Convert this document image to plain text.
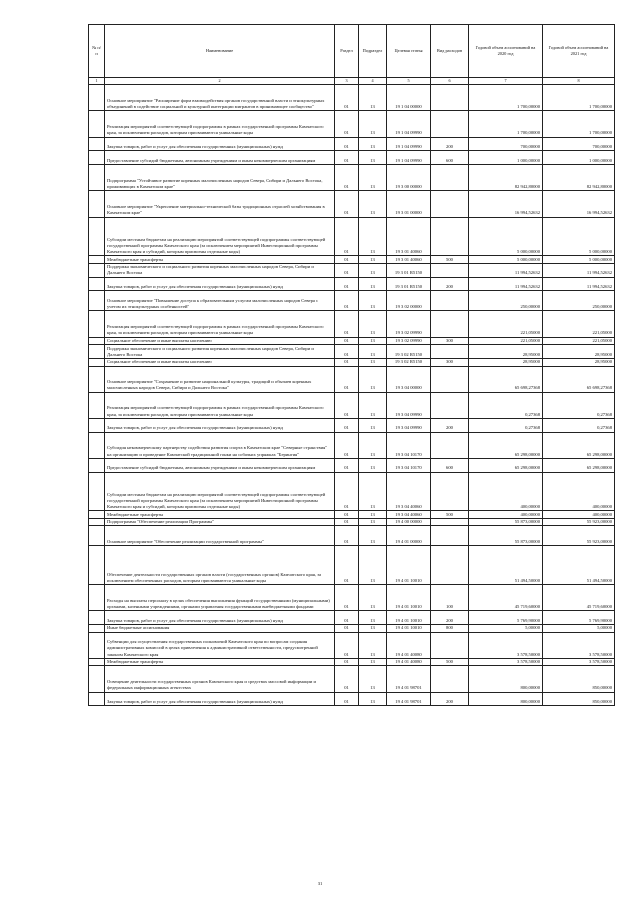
№ п/п	Наименование	Раздел	Подраздел	Целевая статья	Вид расходов	Годовой объем ассигнований на 2020 год	Годовой объем ассигнований на 2021 год
1	2	3	4	5	6	7	8
	Основное мероприятие "Расширение форм взаимодействия органов государственной власти и этнокультурных объединений в содействие социальной и культурной интеграции мигрантов в принимающее сообщество"	01	13	19 1 04 00000		1 700,00000	1 700,00000
	Реализация мероприятий соответствующей подпрограммы в рамках государственной программы Камчатского края, за исключением расходов, которым присваиваются уникальные коды	01	13	19 1 04 09990		1 700,00000	1 700,00000
	Закупка товаров, работ и услуг для обеспечения государственных (муниципальных) нужд	01	13	19 1 04 09990	200	700,00000	700,00000
	Предоставление субсидий бюджетным, автономным учреждениям и иным некоммерческим организациям	01	13	19 1 04 09990	600	1 000,00000	1 000,00000
	Подпрограмма "Устойчивое развитие коренных малочисленных народов Севера, Сибири и Дальнего Востока, проживающих в Камчатском крае"	01	13	19 3 00 00000		82 942,80000	82 942,80000
	Основное мероприятие "Укрепление материально-технической базы традиционных отраслей хозяйствования в Камчатском крае"	01	13	19 3 01 00000		16 994,52632	16 994,52632
	Субсидии местным бюджетам на реализацию мероприятий соответствующей подпрограммы соответствующей государственной программы Камчатского края (за исключением мероприятий Инвестиционной программы Камчатского края и субсидий, которым присвоены отдельные коды)	01	13	19 3 01 40060		5 000,00000	5 000,00000
	Межбюджетные трансферты	01	13	19 3 01 40060	500	5 000,00000	5 000,00000
	Поддержка экономического и социального развития коренных малочисленных народов Севера, Сибири и Дальнего Востока	01	13	19 3 01 R5150		11 994,52632	11 994,52632
	Закупка товаров, работ и услуг для обеспечения государственных (муниципальных) нужд	01	13	19 3 01 R5150	200	11 994,52632	11 994,52632
	Основное мероприятие "Повышение доступа к образовательным услугам малочисленных народов Севера с учетом их этнокультурных особенностей"	01	13	19 3 02 00000		250,00000	250,00000
	Реализация мероприятий соответствующей подпрограммы в рамках государственной программы Камчатского края, за исключением расходов, которым присваиваются уникальные коды	01	13	19 3 02 09990		221,05000	221,05000
	Социальное обеспечение и иные выплаты населению	01	13	19 3 02 09990	300	221,05000	221,05000
	Поддержка экономического и социального развития коренных малочисленных народов Севера, Сибири и Дальнего Востока	01	13	19 3 02 R5150		28,95000	28,95000
	Социальное обеспечение и иные выплаты населению	01	13	19 3 02 R5150	300	28,95000	28,95000
	Основное мероприятие "Сохранение и развитие национальной культуры, традиций и обычаев коренных малочисленных народов Севера, Сибири и Дальнего Востока"	01	13	19 3 04 00000		65 698,27368	65 698,27368
	Реализация мероприятий соответствующей подпрограммы в рамках государственной программы Камчатского края, за исключением расходов, которым присваиваются уникальные коды	01	13	19 3 04 09990		0,27368	0,27368
	Закупка товаров, работ и услуг для обеспечения государственных (муниципальных) нужд	01	13	19 3 04 09990	200	0,27368	0,27368
	Субсидия некоммерческому партнерству содействия развития спорта в Камчатском крае "Северные странствия" на организацию и проведение Камчатской традиционной гонки на собачьих упряжках "Берингия"	01	13	19 3 04 10170		65 298,00000	65 298,00000
	Предоставление субсидий бюджетным, автономным учреждениям и иным некоммерческим организациям	01	13	19 3 04 10170	600	65 298,00000	65 298,00000
	Субсидии местным бюджетам на реализацию мероприятий соответствующей подпрограммы соответствующей государственной программы Камчатского края (за исключением мероприятий Инвестиционной программы Камчатского края и субсидий, которым присвоены отдельные коды)	01	13	19 3 04 40060		400,00000	400,00000
	Межбюджетные трансферты	01	13	19 3 04 40060	500	400,00000	400,00000
	Подпрограмма "Обеспечение реализации Программы"	01	13	19 4 00 00000		55 873,00000	55 923,00000
	Основное мероприятие "Обеспечение реализации государственной программы"	01	13	19 4 01 00000		55 873,00000	55 923,00000
	Обеспечение деятельности государственных органов власти (государственных органов) Камчатского края, за исключением обеспеченных расходов, которым присваиваются уникальные коды	01	13	19 4 01 10010		51 494,50000	51 494,50000
	Расходы на выплаты персоналу в целях обеспечения выполнения функций государственными (муниципальными) органами, казенными учреждениями, органами управления государственными внебюджетными фондами	01	13	19 4 01 10010	100	45 719,60000	45 719,60000
	Закупка товаров, работ и услуг для обеспечения государственных (муниципальных) нужд	01	13	19 4 01 10010	200	5 769,90000	5 769,90000
	Иные бюджетные ассигнования	01	13	19 4 01 10010	800	5,00000	5,00000
	Субвенции для осуществления государственных полномочий Камчатского края по вопросам создания административных комиссий в целях привлечения к административной ответственности, предусмотренной законом Камчатского края	01	13	19 4 01 40080		3 578,50000	3 578,50000
	Межбюджетные трансферты	01	13	19 4 01 40080	500	3 578,50000	3 578,50000
	Освещение деятельности государственных органов Камчатского края и средствах массовой информации и федеральных информационных агентствах	01	13	19 4 01 98701		800,00000	850,00000
	Закупка товаров, работ и услуг для обеспечения государственных (муниципальных) нужд	01	13	19 4 01 98701	200	800,00000	850,00000
31
